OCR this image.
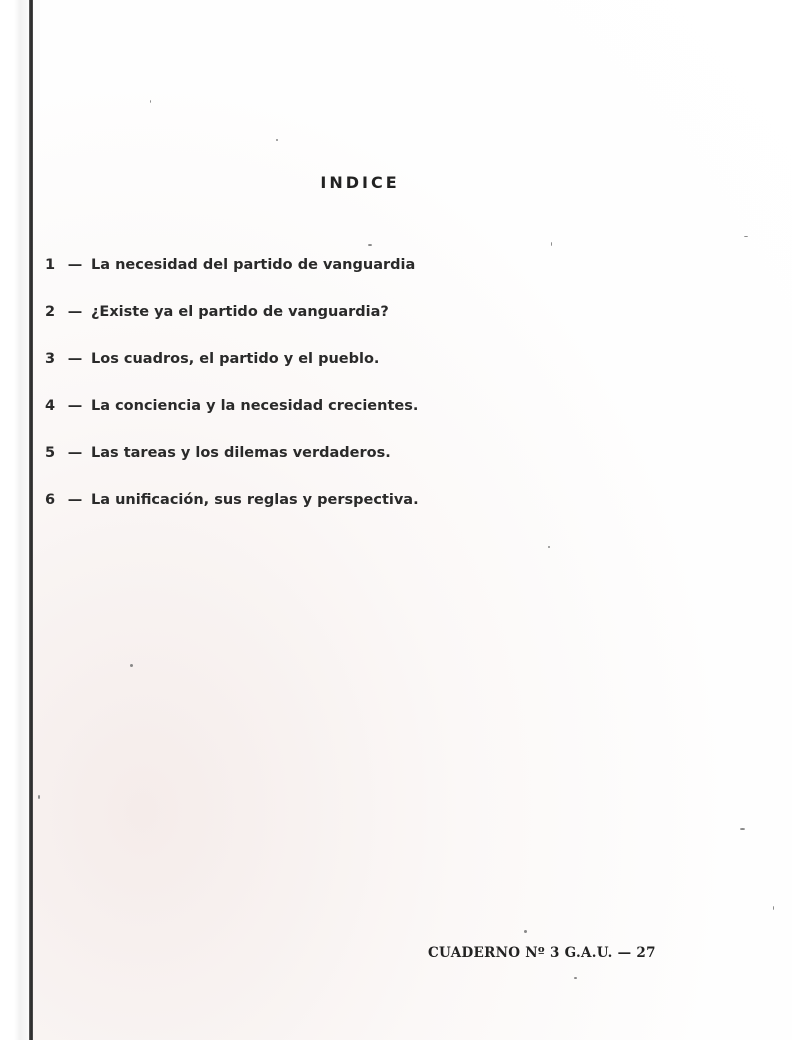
INDICE
1 — La necesidad del partido de vanguardia
2 — ¿Existe ya el partido de vanguardia?
3 — Los cuadros, el partido y el pueblo.
4 — La conciencia y la necesidad crecientes.
5 — Las tareas y los dilemas verdaderos.
6 — La unificación, sus reglas y perspectiva.
CUADERNO Nº 3 G.A.U. — 27
